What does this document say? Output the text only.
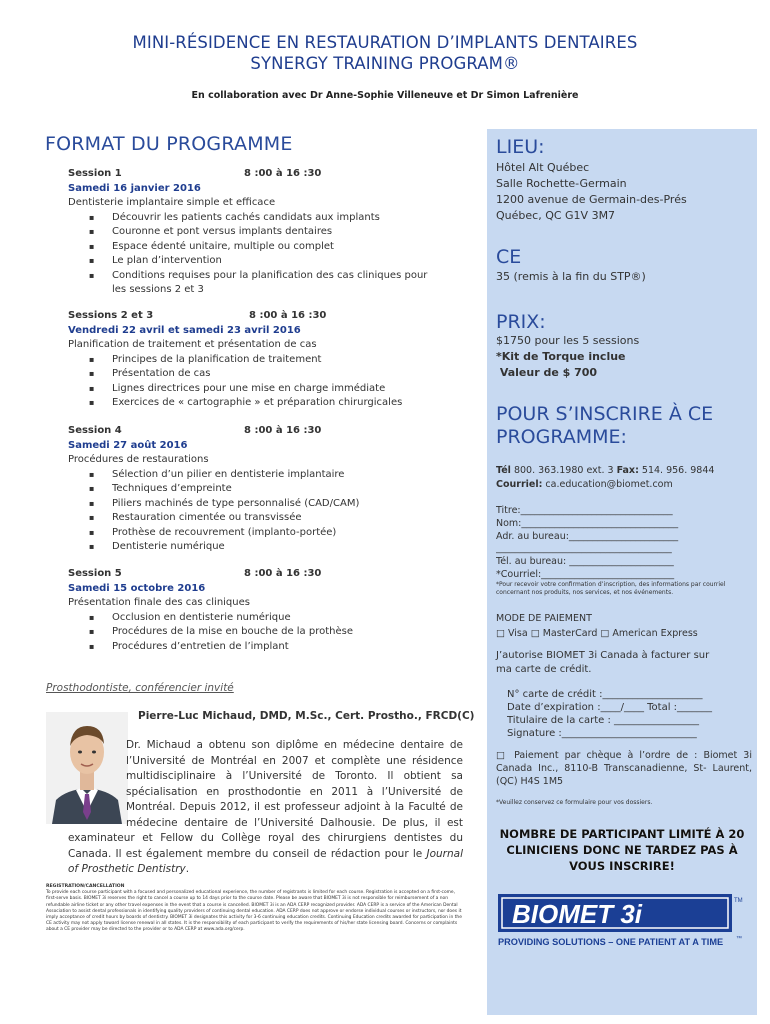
MINI-RÉSIDENCE EN RESTAURATION D’IMPLANTS DENTAIRES
SYNERGY TRAINING PROGRAM®
En collaboration avec Dr Anne-Sophie Villeneuve et Dr Simon Lafrenière
FORMAT DU PROGRAMME
Session 1	8 :00 à 16 :30
Samedi 16 janvier 2016
Dentisterie implantaire simple et efficace
▪ Découvrir les patients cachés candidats aux implants
▪ Couronne et pont versus implants dentaires
▪ Espace édenté unitaire, multiple ou complet
▪ Le plan d’intervention
▪ Conditions requises pour la planification des cas cliniques pour les sessions 2 et 3
Sessions 2 et 3	8 :00 à 16 :30
Vendredi 22 avril et samedi 23 avril 2016
Planification de traitement et présentation de cas
▪ Principes de la planification de traitement
▪ Présentation de cas
▪ Lignes directrices pour une mise en charge immédiate
▪ Exercices de « cartographie » et préparation chirurgicales
Session 4	8 :00 à 16 :30
Samedi 27 août 2016
Procédures de restaurations
▪ Sélection d’un pilier en dentisterie implantaire
▪ Techniques d’empreinte
▪ Piliers machinés de type personnalisé (CAD/CAM)
▪ Restauration cimentée ou transvissée
▪ Prothèse de recouvrement (implanto-portée)
▪ Dentisterie numérique
Session 5	8 :00 à 16 :30
Samedi 15 octobre 2016
Présentation finale des cas cliniques
▪ Occlusion en dentisterie numérique
▪ Procédures de la mise en bouche de la prothèse
▪ Procédures d’entretien de l’implant
Prosthodontiste, conférencier invité
Pierre-Luc Michaud, DMD, M.Sc., Cert. Prostho., FRCD(C)
Dr. Michaud a obtenu son diplôme en médecine dentaire de l’Université de Montréal en 2007 et complète une résidence multidisciplinaire à l’Université de Toronto. Il obtient sa spécialisation en prosthodontie en 2011 à l’Université de Montréal. Depuis 2012, il est professeur adjoint à la Faculté de médecine dentaire de l’Université Dalhousie. De plus, il est examinateur et Fellow du Collège royal des chirurgiens dentistes du Canada. Il est également membre du conseil de rédaction pour le Journal of Prosthetic Dentistry.
REGISTRATION/CANCELLATION
To provide each course participant with a focused and personalized educational experience, the number of registrants is limited for each course. Registration is accepted on a first-come, first-serve basis. BIOMET 3i reserves the right to cancel a course up to 14 days prior to the course date. Please be aware that BIOMET 3i is not responsible for reimbursement of a non refundable airline ticket or any other travel expenses in the event that a course is cancelled. BIOMET 3i is an ADA CERP recognized provider. ADA CERP is a service of the American Dental Association to assist dental professionals in identifying quality providers of continuing dental education. ADA CERP does not approve or endorse individual courses or instructors, nor does it imply acceptance of credit hours by boards of dentistry. BIOMET 3i designates this activity for 3-6 continuing education credits. Continuing Education credits awarded for participation in the CE activity may not apply toward license renewal in all states. It is the responsibility of each participant to verify the requirements of his/her state licensing board. Concerns or complaints about a CE provider may be directed to the provider or to ADA CERP at www.ada.org/cerp.
LIEU:
Hôtel Alt Québec
Salle Rochette-Germain
1200 avenue de Germain-des-Prés
Québec, QC G1V 3M7
CE
35 (remis à la fin du STP®)
PRIX:
$1750 pour les 5 sessions
*Kit de Torque inclue
Valeur de $ 700
POUR S’INSCRIRE À CE
PROGRAMME:
Tél 800. 363.1980 ext. 3 Fax: 514. 956. 9844
Courriel: ca.education@biomet.com
Titre:________________________________
Nom:_________________________________
Adr. au bureau:_______________________
_____________________________________
Tél. au bureau: ______________________
*Courriel:____________________________
*Pour recevoir votre confirmation d’inscription, des informations par courriel concernant nos produits, nos services, et nos événements.
MODE DE PAIEMENT
□ Visa □ MasterCard □ American Express
J’autorise BIOMET 3i Canada à facturer sur ma carte de crédit.
N° carte de crédit :____________________
Date d’expiration :____/____ Total :_______
Titulaire de la carte : _________________
Signature :___________________________
□ Paiement par chèque à l’ordre de : Biomet 3i Canada Inc., 8110-B Transcanadienne, St- Laurent, (QC) H4S 1M5
*Veuillez conservez ce formulaire pour vos dossiers.
NOMBRE DE PARTICIPANT LIMITÉ À 20 CLINICIENS DONC NE TARDEZ PAS À VOUS INSCRIRE!
BIOMET 3i	TM
PROVIDING SOLUTIONS – ONE PATIENT AT A TIME ™
